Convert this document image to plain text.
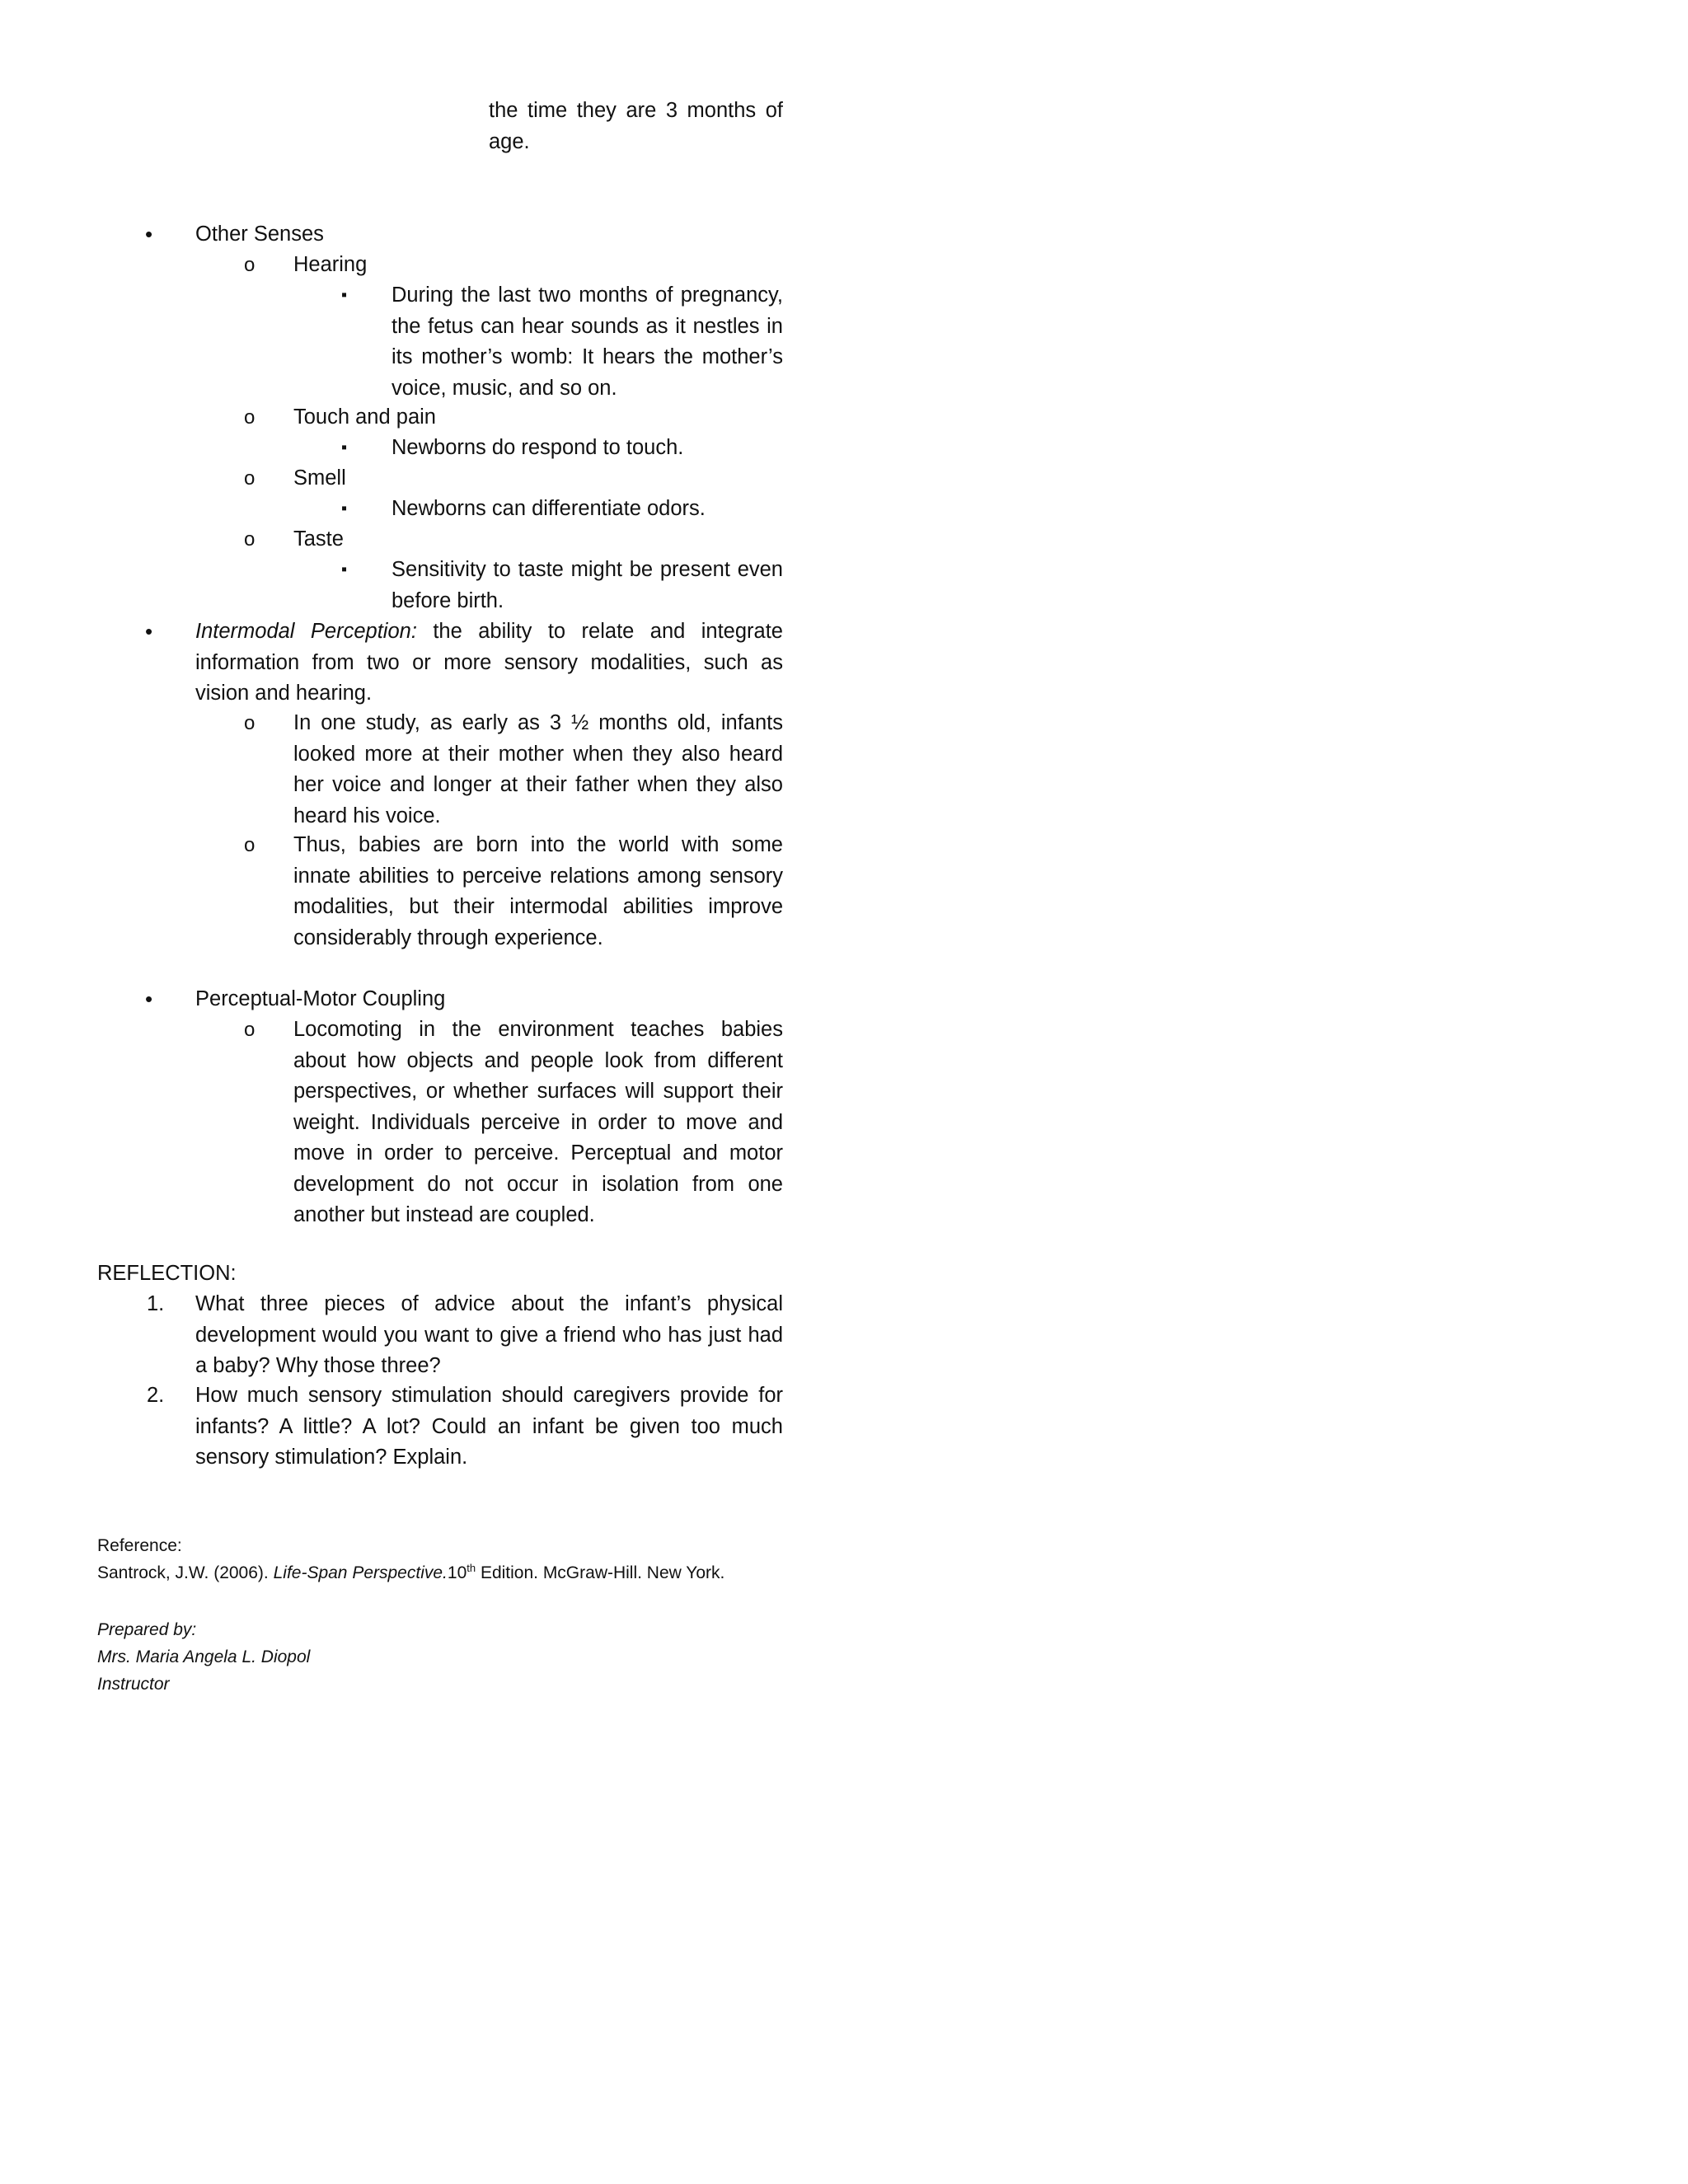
the time they are 3 months of age.
• Other Senses
o Hearing
▪ During the last two months of pregnancy, the fetus can hear sounds as it nestles in its mother’s womb: It hears the mother’s voice, music, and so on.
o Touch and pain
▪ Newborns do respond to touch.
o Smell
▪ Newborns can differentiate odors.
o Taste
▪ Sensitivity to taste might be present even before birth.
• Intermodal Perception: the ability to relate and integrate information from two or more sensory modalities, such as vision and hearing.
o In one study, as early as 3 ½ months old, infants looked more at their mother when they also heard her voice and longer at their father when they also heard his voice.
o Thus, babies are born into the world with some innate abilities to perceive relations among sensory modalities, but their intermodal abilities improve considerably through experience.
• Perceptual-Motor Coupling
o Locomoting in the environment teaches babies about how objects and people look from different perspectives, or whether surfaces will support their weight. Individuals perceive in order to move and move in order to perceive. Perceptual and motor development do not occur in isolation from one another but instead are coupled.
REFLECTION:
1. What three pieces of advice about the infant’s physical development would you want to give a friend who has just had a baby? Why those three?
2. How much sensory stimulation should caregivers provide for infants? A little? A lot? Could an infant be given too much sensory stimulation? Explain.
Reference:
Santrock, J.W. (2006). Life-Span Perspective.10th Edition. McGraw-Hill. New York.
Prepared by:
Mrs. Maria Angela L. Diopol
Instructor
